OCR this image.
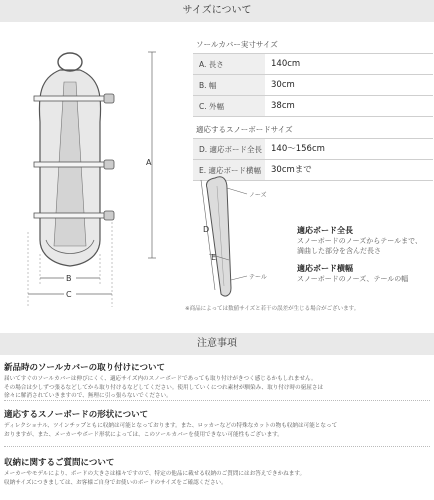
サイズについて
A
B
C
ソールカバー実寸サイズ
A. 長さ	140cm
B. 幅	30cm
C. 外幅	38cm
適応するスノーボードサイズ
D. 適応ボード全長	140〜156cm
E. 適応ボード横幅	30cmまで
D
E
ノーズ
テール
適応ボード全長
スノーボードのノーズからテールまで、
満曲した部分を含んだ長さ
適応ボード横幅
スノーボードのノーズ、テールの幅
※商品によっては数値サイズと若干の誤差が生じる場合がございます。
注意事項
新品時のソールカバーの取り付けについて
届いてすぐのソールカバーは伸びにくく、適応サイズ内のスノーボードであっても取り付けがきつく感じるかもしれません。
その場合は少しずつ張るなどしてから取り付けるなどしてください。使用していくにつれ素材が馴染み、取り付け時の窮屈さは
徐々に解消されていきますので、無理に引っ張らないでください。
適応するスノーボードの形状について
ディレクショナル、ツインチップともに収納は可能となっております。また、ロッカーなどの特殊なカットの物も収納は可能となって
おりますが、また、メーカーやボード形状によっては、このソールカバーを使用できない可能性もございます。
収納に関するご質問について
メーカーやモデルにより、ボードの大きさは様々ですので、特定の他品に載せる収納のご質問にはお答えできかねます。
収納サイズにつきましては、お客様ご自身でお使いのボードのサイズをご確認ください。
